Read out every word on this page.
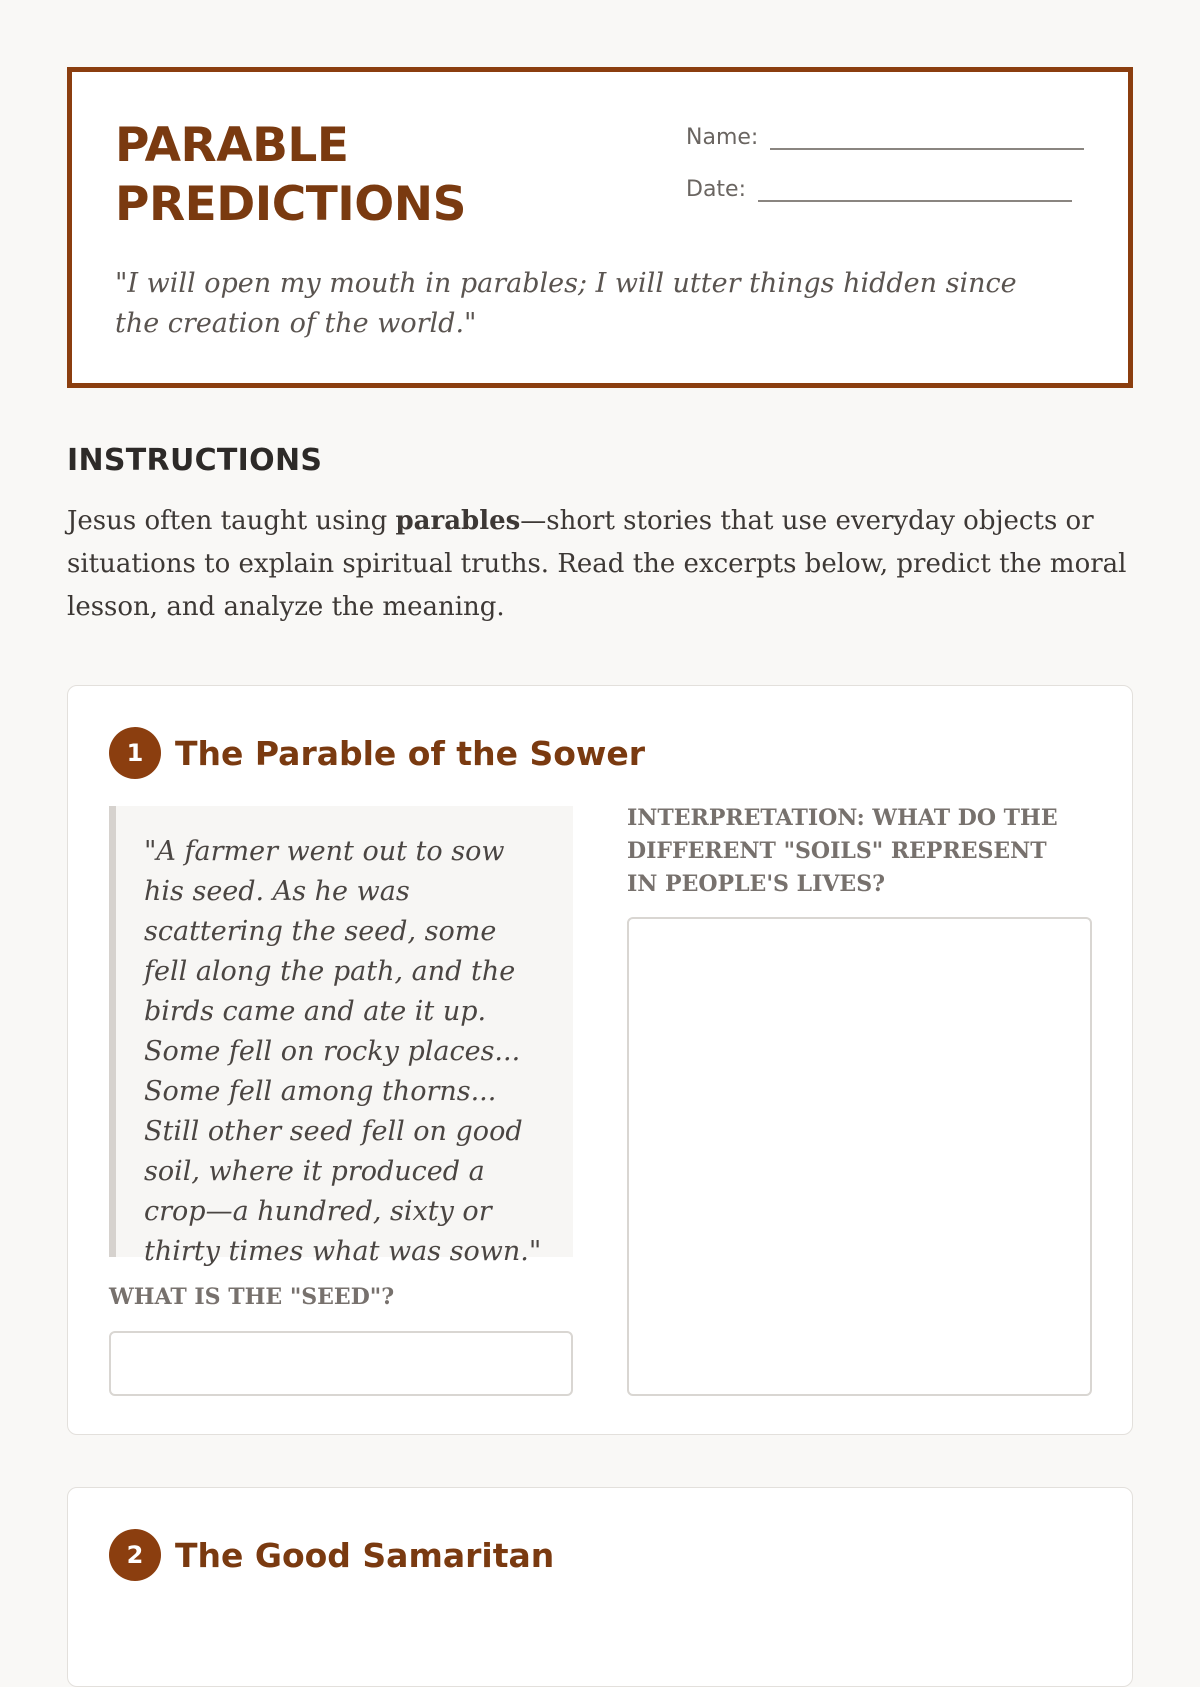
PARABLE PREDICTIONS
Name:
Date:

"I will open my mouth in parables; I will utter things hidden since the creation of the world."

INSTRUCTIONS

Jesus often taught using parables—short stories that use everyday objects or situations to explain spiritual truths. Read the excerpts below, predict the moral lesson, and analyze the meaning.

1 The Parable of the Sower
"A farmer went out to sow his seed. As he was scattering the seed, some fell along the path, and the birds came and ate it up. Some fell on rocky places... Some fell among thorns... Still other seed fell on good soil, where it produced a crop—a hundred, sixty or thirty times what was sown."

WHAT IS THE "SEED"?

INTERPRETATION: WHAT DO THE DIFFERENT "SOILS" REPRESENT IN PEOPLE'S LIVES?

2 The Good Samaritan
